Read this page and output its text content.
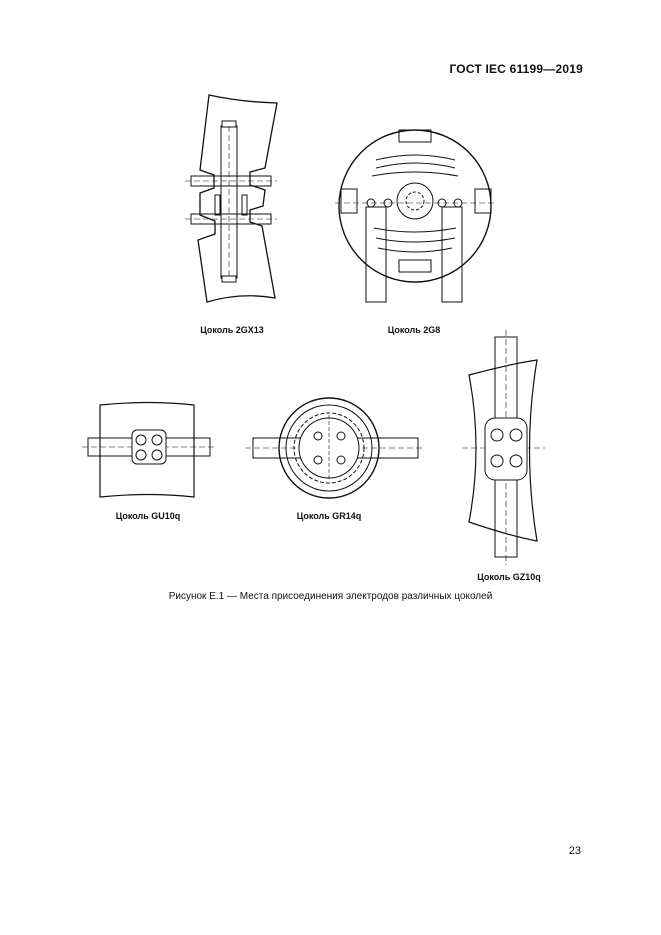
ГОСТ IEC 61199—2019
Цоколь 2GX13	Цоколь 2G8
Цоколь GU10q	Цоколь GR14q
Цоколь GZ10q
Рисунок Е.1 — Места присоединения электродов различных цоколей
23
